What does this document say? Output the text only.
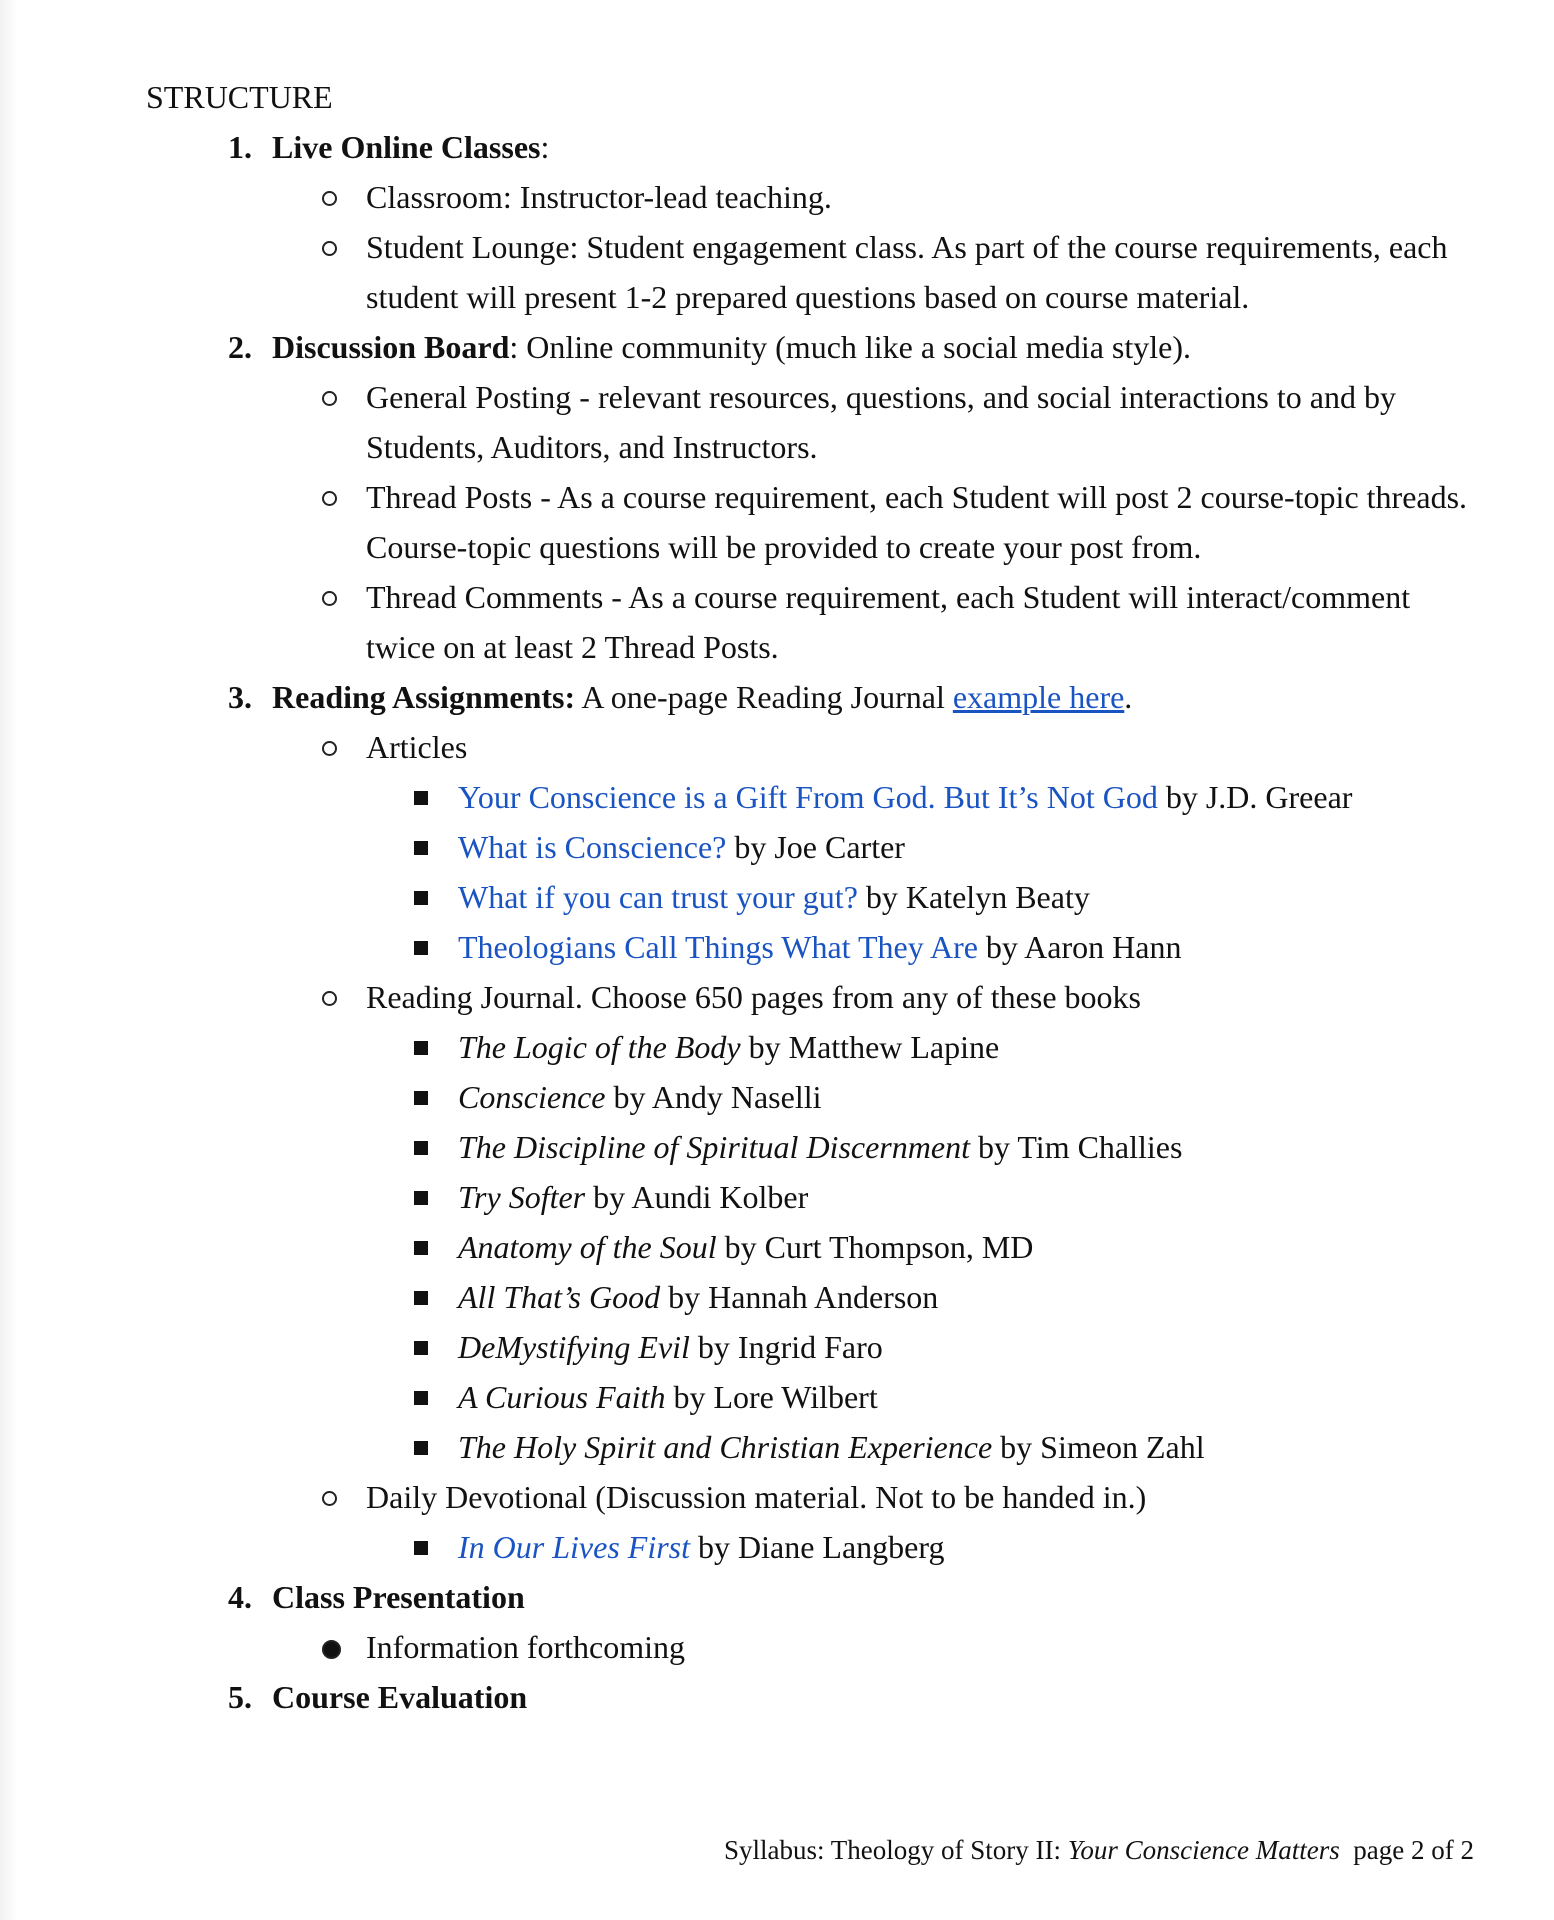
STRUCTURE

1. Live Online Classes:
Classroom: Instructor-lead teaching.
Student Lounge: Student engagement class. As part of the course requirements, each student will present 1-2 prepared questions based on course material.
2. Discussion Board: Online community (much like a social media style).
General Posting - relevant resources, questions, and social interactions to and by Students, Auditors, and Instructors.
Thread Posts - As a course requirement, each Student will post 2 course-topic threads. Course-topic questions will be provided to create your post from.
Thread Comments - As a course requirement, each Student will interact/comment twice on at least 2 Thread Posts.
3. Reading Assignments: A one-page Reading Journal example here.
Articles
Your Conscience is a Gift From God. But It’s Not God by J.D. Greear
What is Conscience? by Joe Carter
What if you can trust your gut? by Katelyn Beaty
Theologians Call Things What They Are by Aaron Hann
Reading Journal. Choose 650 pages from any of these books
The Logic of the Body by Matthew Lapine
Conscience by Andy Naselli
The Discipline of Spiritual Discernment by Tim Challies
Try Softer by Aundi Kolber
Anatomy of the Soul by Curt Thompson, MD
All That’s Good by Hannah Anderson
DeMystifying Evil by Ingrid Faro
A Curious Faith by Lore Wilbert
The Holy Spirit and Christian Experience by Simeon Zahl
Daily Devotional (Discussion material. Not to be handed in.)
In Our Lives First by Diane Langberg
4. Class Presentation
Information forthcoming
5. Course Evaluation
Syllabus: Theology of Story II: Your Conscience Matters  page 2 of 2
